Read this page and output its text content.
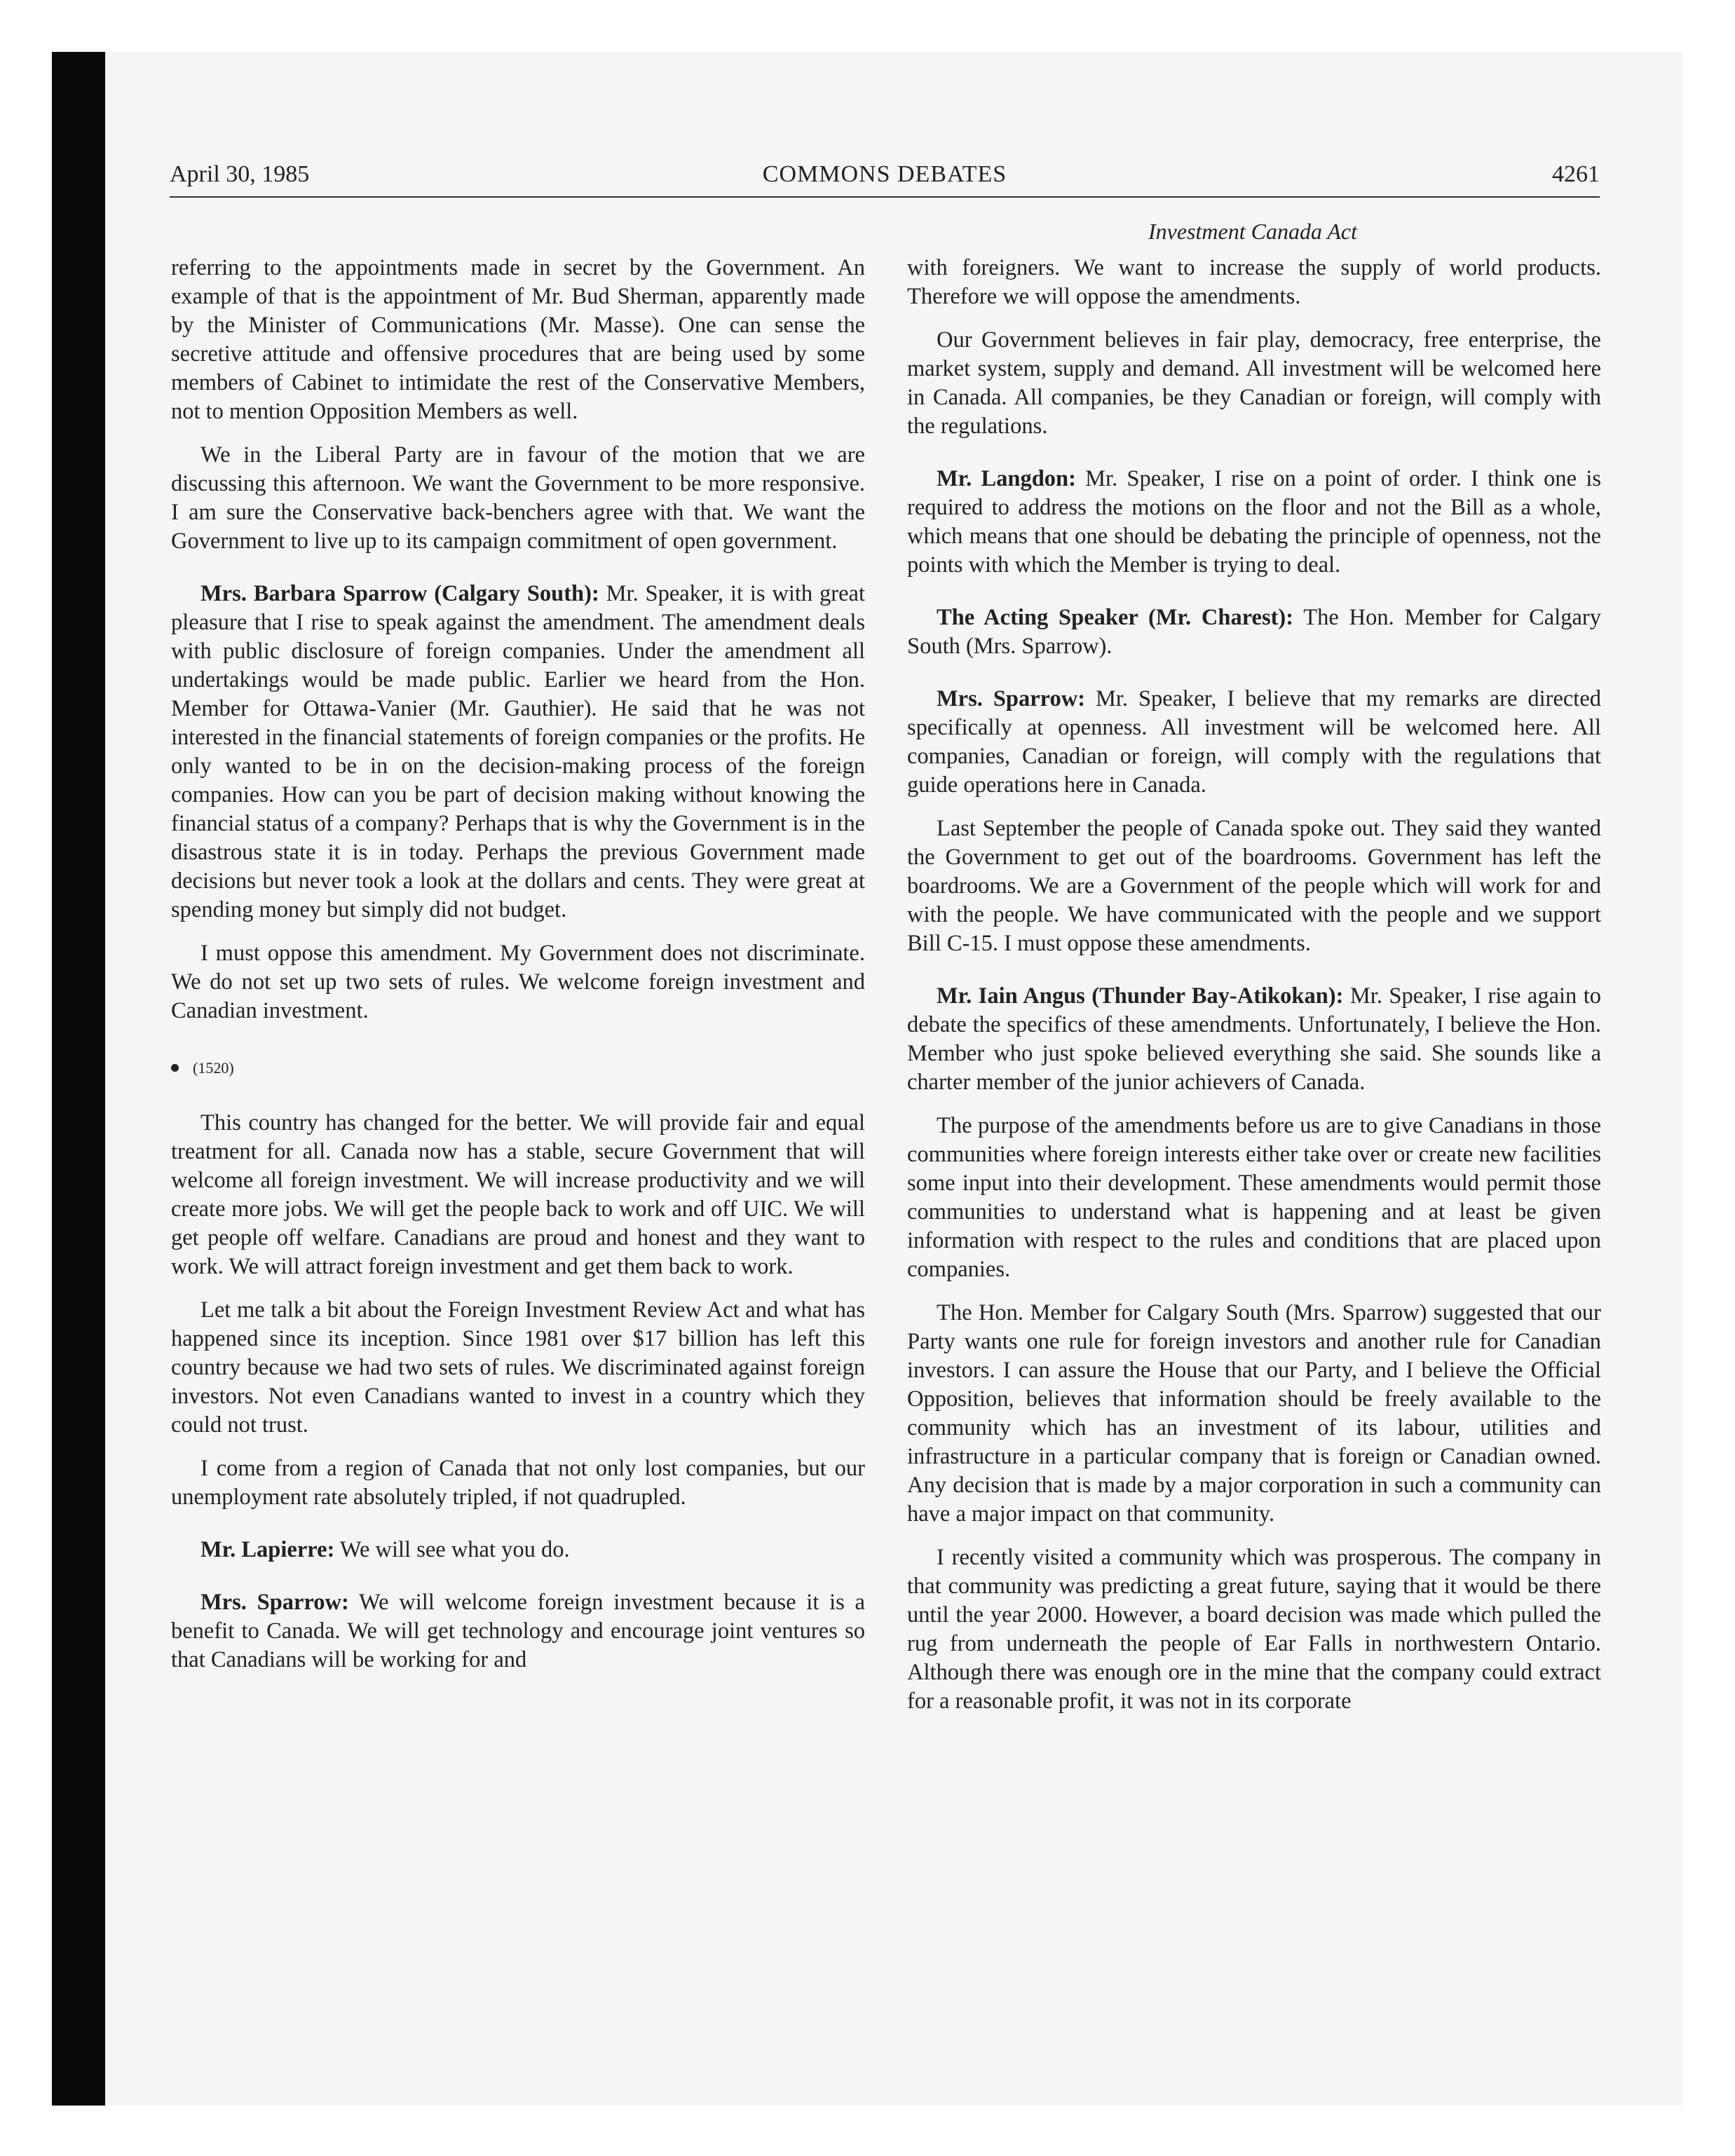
April 30, 1985	COMMONS DEBATES	4261
Investment Canada Act

referring to the appointments made in secret by the Government. An example of that is the appointment of Mr. Bud Sherman, apparently made by the Minister of Communications (Mr. Masse). One can sense the secretive attitude and offensive procedures that are being used by some members of Cabinet to intimidate the rest of the Conservative Members, not to mention Opposition Members as well.

We in the Liberal Party are in favour of the motion that we are discussing this afternoon. We want the Government to be more responsive. I am sure the Conservative back-benchers agree with that. We want the Government to live up to its campaign commitment of open government.

Mrs. Barbara Sparrow (Calgary South): Mr. Speaker, it is with great pleasure that I rise to speak against the amendment. The amendment deals with public disclosure of foreign companies. Under the amendment all undertakings would be made public. Earlier we heard from the Hon. Member for Ottawa-Vanier (Mr. Gauthier). He said that he was not interested in the financial statements of foreign companies or the profits. He only wanted to be in on the decision-making process of the foreign companies. How can you be part of decision making without knowing the financial status of a company? Perhaps that is why the Government is in the disastrous state it is in today. Perhaps the previous Government made decisions but never took a look at the dollars and cents. They were great at spending money but simply did not budget.

I must oppose this amendment. My Government does not discriminate. We do not set up two sets of rules. We welcome foreign investment and Canadian investment.

(1520)

This country has changed for the better. We will provide fair and equal treatment for all. Canada now has a stable, secure Government that will welcome all foreign investment. We will increase productivity and we will create more jobs. We will get the people back to work and off UIC. We will get people off welfare. Canadians are proud and honest and they want to work. We will attract foreign investment and get them back to work.

Let me talk a bit about the Foreign Investment Review Act and what has happened since its inception. Since 1981 over $17 billion has left this country because we had two sets of rules. We discriminated against foreign investors. Not even Canadians wanted to invest in a country which they could not trust.

I come from a region of Canada that not only lost companies, but our unemployment rate absolutely tripled, if not quadrupled.

Mr. Lapierre: We will see what you do.

Mrs. Sparrow: We will welcome foreign investment because it is a benefit to Canada. We will get technology and encourage joint ventures so that Canadians will be working for and

with foreigners. We want to increase the supply of world products. Therefore we will oppose the amendments.

Our Government believes in fair play, democracy, free enterprise, the market system, supply and demand. All investment will be welcomed here in Canada. All companies, be they Canadian or foreign, will comply with the regulations.

Mr. Langdon: Mr. Speaker, I rise on a point of order. I think one is required to address the motions on the floor and not the Bill as a whole, which means that one should be debating the principle of openness, not the points with which the Member is trying to deal.

The Acting Speaker (Mr. Charest): The Hon. Member for Calgary South (Mrs. Sparrow).

Mrs. Sparrow: Mr. Speaker, I believe that my remarks are directed specifically at openness. All investment will be welcomed here. All companies, Canadian or foreign, will comply with the regulations that guide operations here in Canada.

Last September the people of Canada spoke out. They said they wanted the Government to get out of the boardrooms. Government has left the boardrooms. We are a Government of the people which will work for and with the people. We have communicated with the people and we support Bill C-15. I must oppose these amendments.

Mr. Iain Angus (Thunder Bay-Atikokan): Mr. Speaker, I rise again to debate the specifics of these amendments. Unfortunately, I believe the Hon. Member who just spoke believed everything she said. She sounds like a charter member of the junior achievers of Canada.

The purpose of the amendments before us are to give Canadians in those communities where foreign interests either take over or create new facilities some input into their development. These amendments would permit those communities to understand what is happening and at least be given information with respect to the rules and conditions that are placed upon companies.

The Hon. Member for Calgary South (Mrs. Sparrow) suggested that our Party wants one rule for foreign investors and another rule for Canadian investors. I can assure the House that our Party, and I believe the Official Opposition, believes that information should be freely available to the community which has an investment of its labour, utilities and infrastructure in a particular company that is foreign or Canadian owned. Any decision that is made by a major corporation in such a community can have a major impact on that community.

I recently visited a community which was prosperous. The company in that community was predicting a great future, saying that it would be there until the year 2000. However, a board decision was made which pulled the rug from underneath the people of Ear Falls in northwestern Ontario. Although there was enough ore in the mine that the company could extract for a reasonable profit, it was not in its corporate
